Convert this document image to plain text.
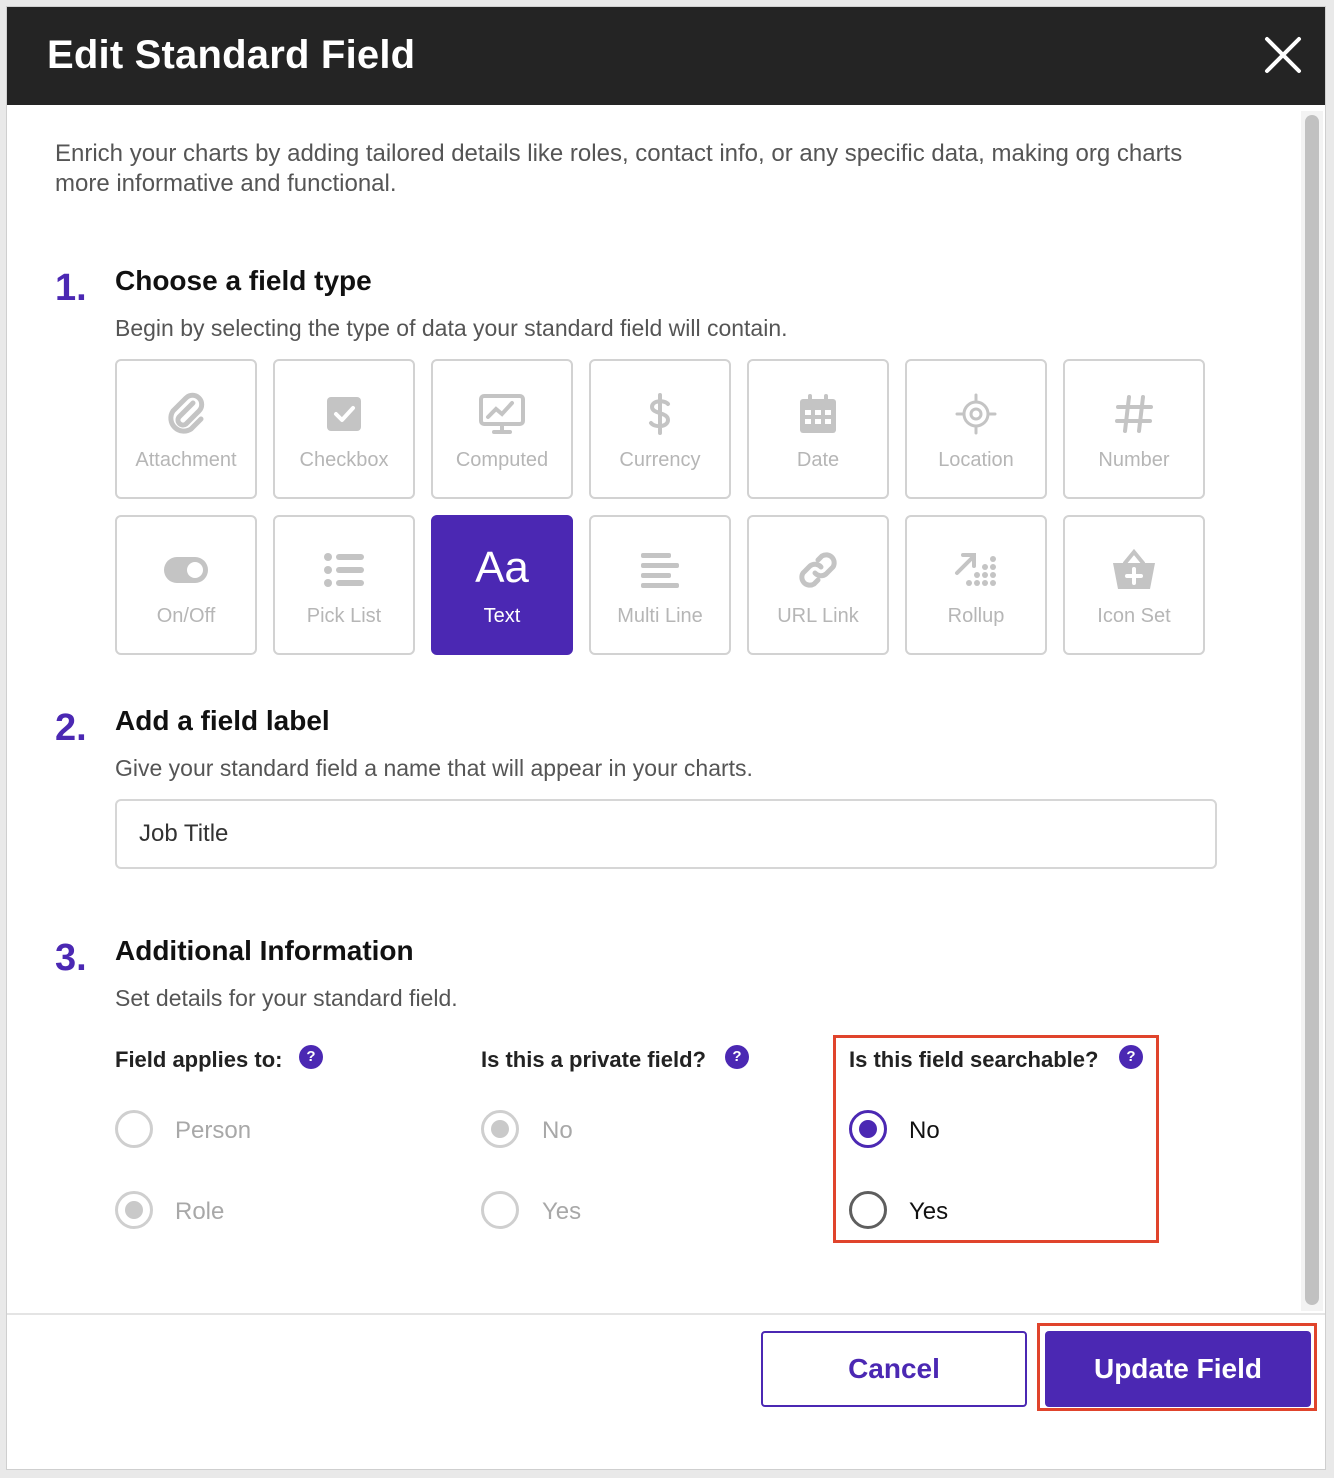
Edit Standard Field
Enrich your charts by adding tailored details like roles, contact info, or any specific data, making org charts more informative and functional.
1. Choose a field type
Begin by selecting the type of data your standard field will contain.
Attachment	Checkbox	Computed	Currency	Date	Location	Number
On/Off	Pick List
Aa
Text	Multi Line	URL Link	Rollup	Icon Set
2. Add a field label
Give your standard field a name that will appear in your charts.
Job Title
3. Additional Information
Set details for your standard field.
Field applies to:	?
Person
Role
Is this a private field?	?
No
Yes
Is this field searchable?	?
No
Yes
Cancel	Update Field
